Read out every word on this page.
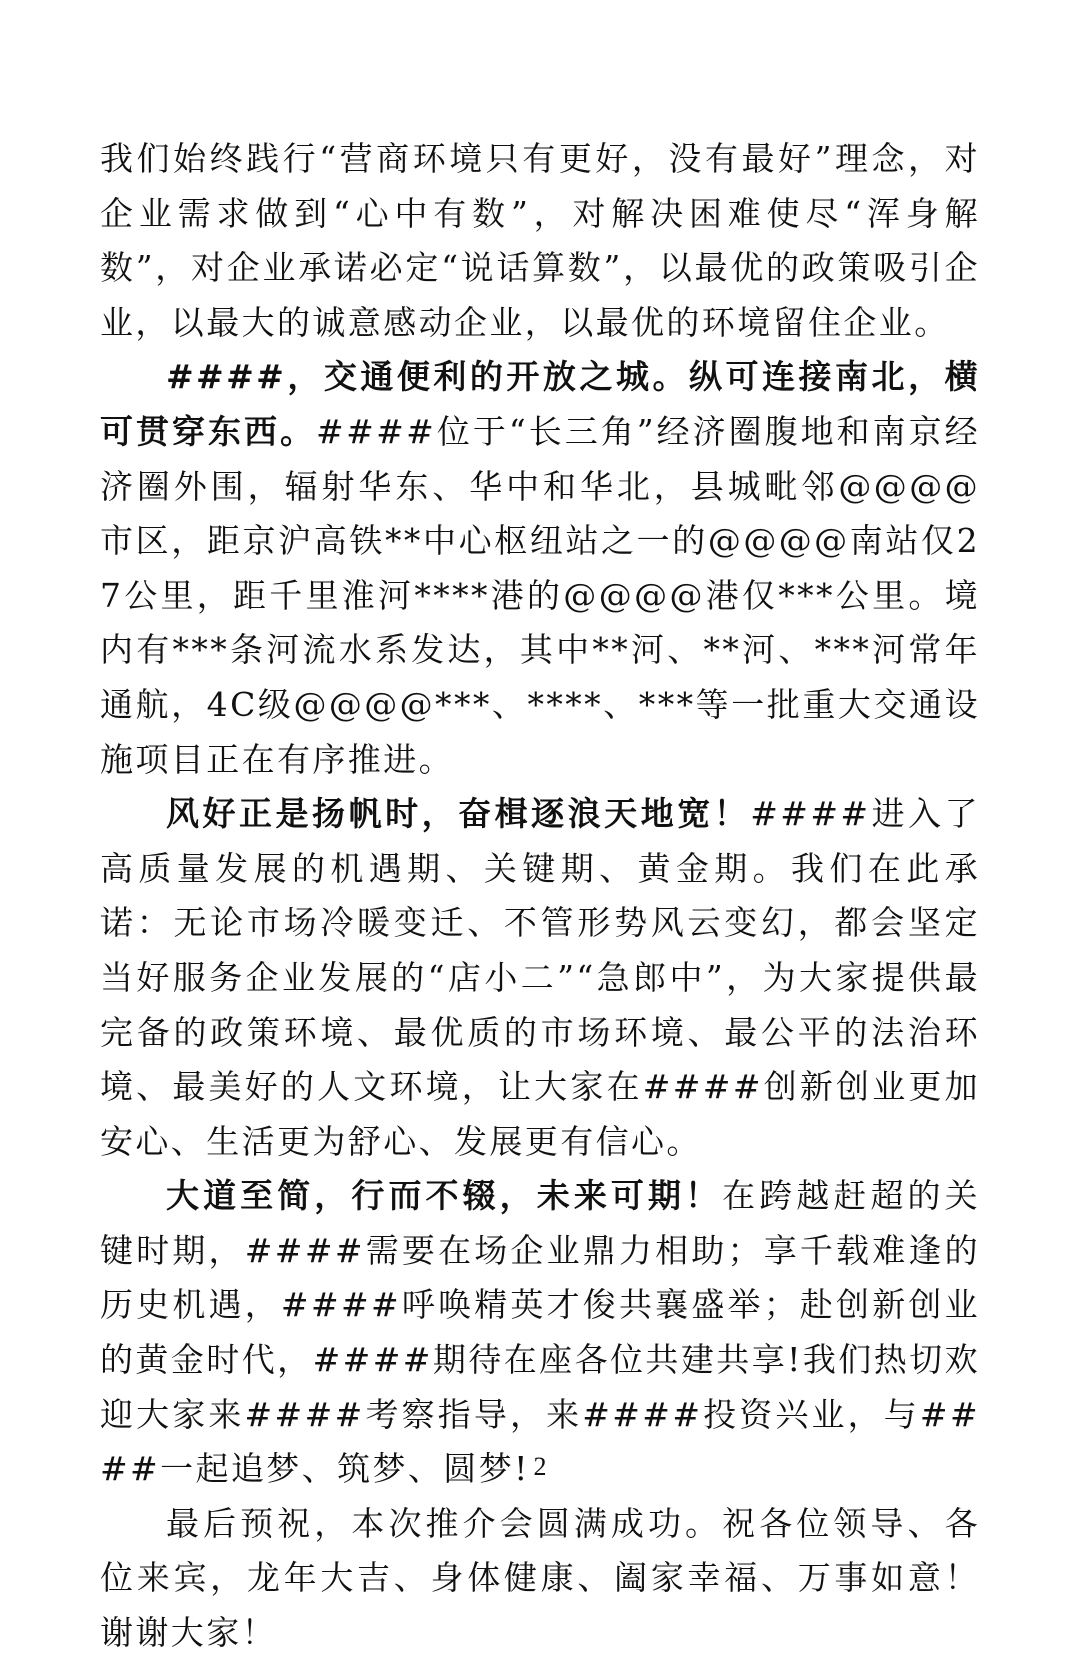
我们始终践行“营商环境只有更好，没有最好”理念，对企业需求做到“心中有数”，对解决困难使尽“浑身解数”，对企业承诺必定“说话算数”，以最优的政策吸引企业，以最大的诚意感动企业，以最优的环境留住企业。

####，交通便利的开放之城。纵可连接南北，横可贯穿东西。####位于“长三角”经济圈腹地和南京经济圈外围，辐射华东、华中和华北，县城毗邻@@@@市区，距京沪高铁**中心枢纽站之一的@@@@南站仅27公里，距千里淮河****港的@@@@港仅***公里。境内有***条河流水系发达，其中**河、**河、***河常年通航，4C级@@@@***、****、***等一批重大交通设施项目正在有序推进。

风好正是扬帆时，奋楫逐浪天地宽！####进入了高质量发展的机遇期、关键期、黄金期。我们在此承诺：无论市场冷暖变迁、不管形势风云变幻，都会坚定当好服务企业发展的“店小二”“急郎中”，为大家提供最完备的政策环境、最优质的市场环境、最公平的法治环境、最美好的人文环境，让大家在####创新创业更加安心、生活更为舒心、发展更有信心。

大道至简，行而不辍，未来可期！在跨越赶超的关键时期，####需要在场企业鼎力相助；享千载难逢的历史机遇，####呼唤精英才俊共襄盛举；赴创新创业的黄金时代，####期待在座各位共建共享!我们热切欢迎大家来####考察指导，来####投资兴业，与####一起追梦、筑梦、圆梦!

最后预祝，本次推介会圆满成功。祝各位领导、各位来宾，龙年大吉、身体健康、阖家幸福、万事如意！谢谢大家！

2
